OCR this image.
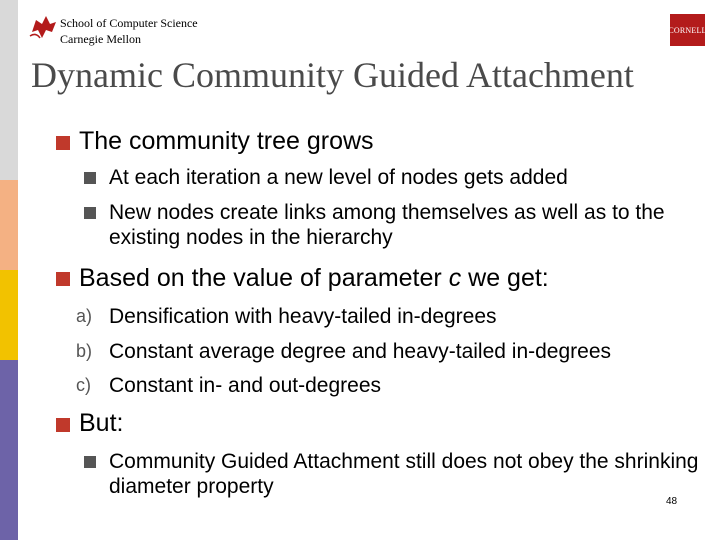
School of Computer Science
Carnegie Mellon
CORNELL
Dynamic Community Guided Attachment
The community tree grows
At each iteration a new level of nodes gets added
New nodes create links among themselves as well as to the existing nodes in the hierarchy
Based on the value of parameter c we get:
a) Densification with heavy-tailed in-degrees
b) Constant average degree and heavy-tailed in-degrees
c) Constant in- and out-degrees
But:
Community Guided Attachment still does not obey the shrinking diameter property
48
